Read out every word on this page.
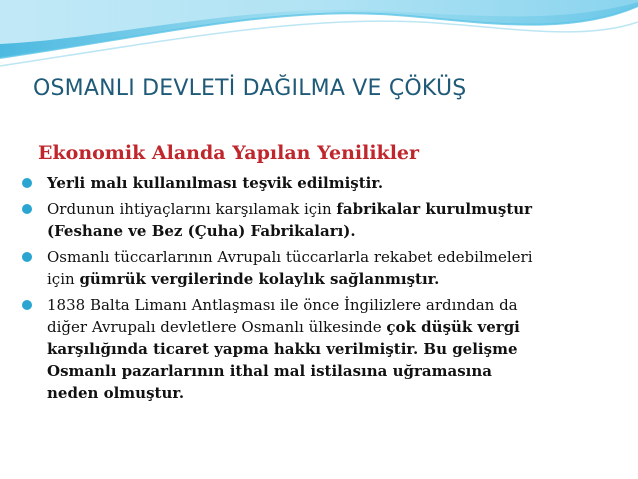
OSMANLI DEVLETİ DAĞILMA VE ÇÖKÜŞ
Ekonomik Alanda Yapılan Yenilikler
Yerli malı kullanılması teşvik edilmiştir.
Ordunun ihtiyaçlarını karşılamak için fabrikalar kurulmuştur
(Feshane ve Bez (Çuha) Fabrikaları).
Osmanlı tüccarlarının Avrupalı tüccarlarla rekabet edebilmeleri
için gümrük vergilerinde kolaylık sağlanmıştır.
1838 Balta Limanı Antlaşması ile önce İngilizlere ardından da
diğer Avrupalı devletlere Osmanlı ülkesinde çok düşük vergi
karşılığında ticaret yapma hakkı verilmiştir. Bu gelişme
Osmanlı pazarlarının ithal mal istilasına uğramasına
neden olmuştur.
